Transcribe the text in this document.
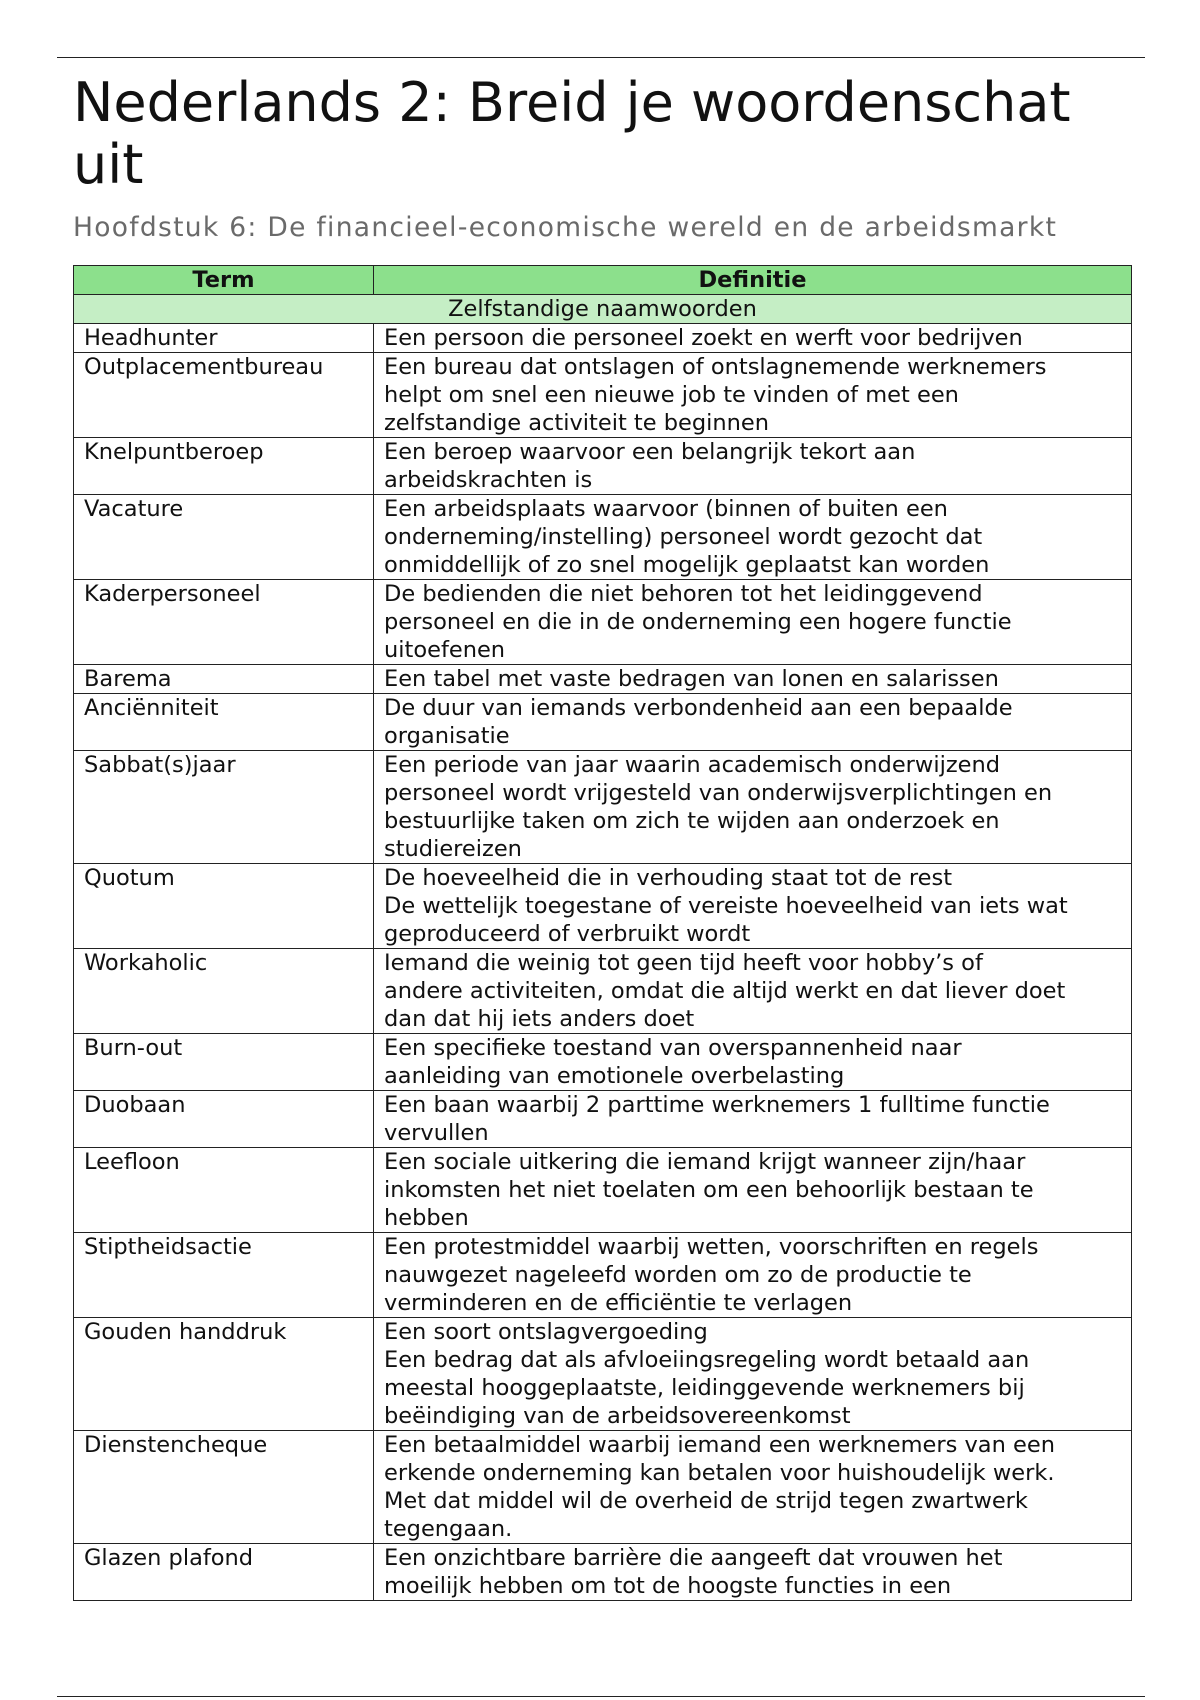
Nederlands 2: Breid je woordenschat uit
Hoofdstuk 6: De financieel-economische wereld en de arbeidsmarkt
Term	Definitie
Zelfstandige naamwoorden	
Headhunter	Een persoon die personeel zoekt en werft voor bedrijven

Outplacementbureau	Een bureau dat ontslagen of ontslagnemende werknemers
helpt om snel een nieuwe job te vinden of met een
zelfstandige activiteit te beginnen

Knelpuntberoep	Een beroep waarvoor een belangrijk tekort aan
arbeidskrachten is

Vacature	Een arbeidsplaats waarvoor (binnen of buiten een
onderneming/instelling) personeel wordt gezocht dat
onmiddellijk of zo snel mogelijk geplaatst kan worden

Kaderpersoneel	De bedienden die niet behoren tot het leidinggevend
personeel en die in de onderneming een hogere functie
uitoefenen

Barema	Een tabel met vaste bedragen van lonen en salarissen

Anciënniteit	De duur van iemands verbondenheid aan een bepaalde
organisatie

Sabbat(s)jaar	Een periode van jaar waarin academisch onderwijzend
personeel wordt vrijgesteld van onderwijsverplichtingen en
bestuurlijke taken om zich te wijden aan onderzoek en
studiereizen

Quotum	De hoeveelheid die in verhouding staat tot de rest
De wettelijk toegestane of vereiste hoeveelheid van iets wat
geproduceerd of verbruikt wordt

Workaholic	Iemand die weinig tot geen tijd heeft voor hobby’s of
andere activiteiten, omdat die altijd werkt en dat liever doet
dan dat hij iets anders doet

Burn-out	Een specifieke toestand van overspannenheid naar
aanleiding van emotionele overbelasting

Duobaan	Een baan waarbij 2 parttime werknemers 1 fulltime functie
vervullen

Leefloon	Een sociale uitkering die iemand krijgt wanneer zijn/haar
inkomsten het niet toelaten om een behoorlijk bestaan te
hebben

Stiptheidsactie	Een protestmiddel waarbij wetten, voorschriften en regels
nauwgezet nageleefd worden om zo de productie te
verminderen en de efficiëntie te verlagen

Gouden handdruk	Een soort ontslagvergoeding
Een bedrag dat als afvloeiingsregeling wordt betaald aan
meestal hooggeplaatste, leidinggevende werknemers bij
beëindiging van de arbeidsovereenkomst

Dienstencheque	Een betaalmiddel waarbij iemand een werknemers van een
erkende onderneming kan betalen voor huishoudelijk werk.
Met dat middel wil de overheid de strijd tegen zwartwerk
tegengaan.

Glazen plafond	Een onzichtbare barrière die aangeeft dat vrouwen het
moeilijk hebben om tot de hoogste functies in een
